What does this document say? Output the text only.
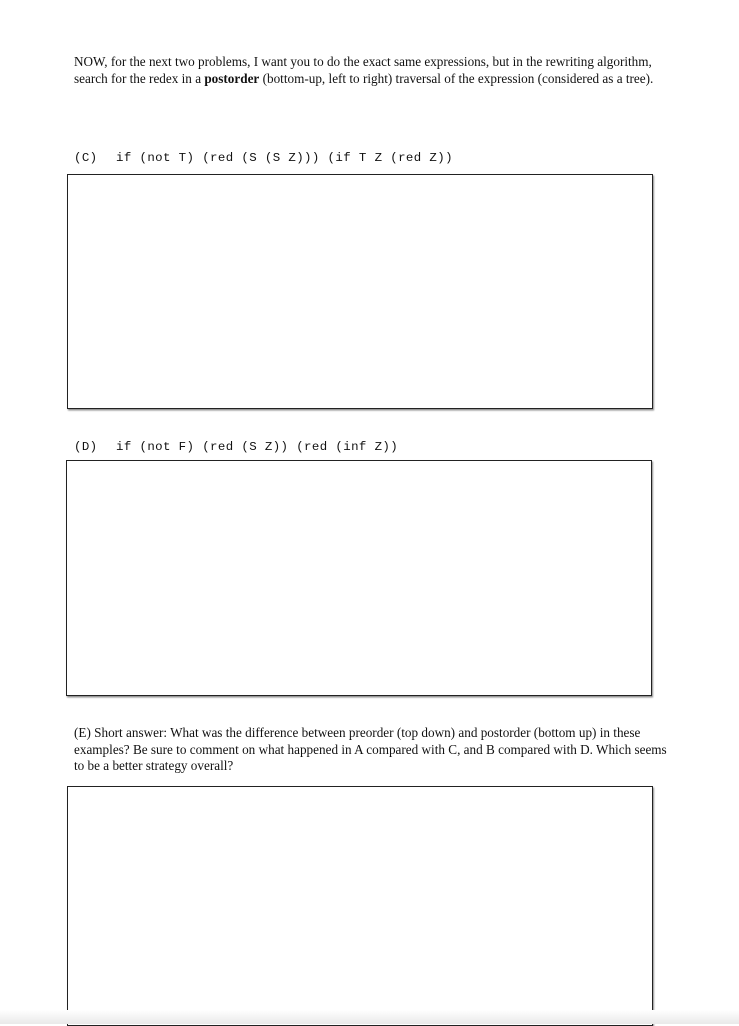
NOW, for the next two problems, I want you to do the exact same expressions, but in the rewriting algorithm, search for the redex in a postorder (bottom-up, left to right) traversal of the expression (considered as a tree).
(C) if (not T) (red (S (S Z))) (if T Z (red Z))
(D) if (not F) (red (S Z)) (red (inf Z))
(E) Short answer: What was the difference between preorder (top down) and postorder (bottom up) in these examples? Be sure to comment on what happened in A compared with C, and B compared with D. Which seems to be a better strategy overall?
